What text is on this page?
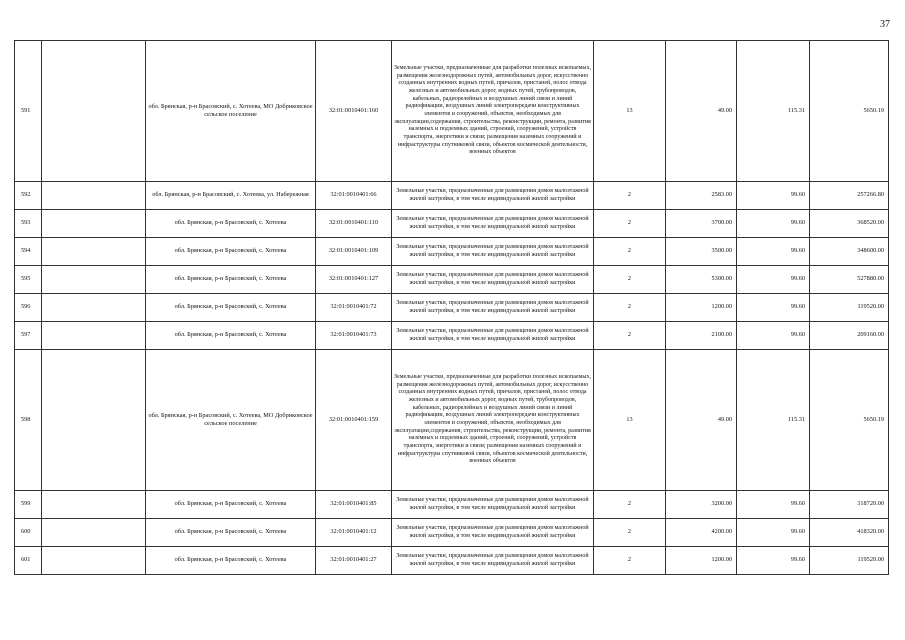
37
591		обл. Брянская, р-н Брасовский, с. Хотеева, МО Добриковское сельское поселение	32:01:0010401:160	Земельные участки, предназначенные для разработки полезных ископаемых, размещения железнодорожных путей, автомобильных дорог, искусственно созданных внутренних водных путей, причалов, пристаней, полос отвода железных и автомобильных дорог, водных путей, трубопроводов, кабельных, радиорелейных и воздушных линий связи и линий радиофикации, воздушных линий электропередачи конструктивных элементов и сооружений, объектов, необходимых для эксплуатации,содержания, строительства, реконструкции, ремонта, развития наземных и подземных зданий, строений, сооружений, устройств транспорта, энергетики и связи; размещения наземных сооружений и инфраструктуры спутниковой связи, объектов космической деятельности, военных объектов	13	49.00	115.31	5650.19
592		обл. Брянская, р-н Брасовский, с. Хотеева, ул. Набережная	32:01:0010401:66	Земельные участки, предназначенные для размещения домов малоэтажной жилой застройки, в том числе индивидуальной жилой застройки	2	2583.00	99.60	257266.80
593		обл. Брянская, р-н Брасовский, с. Хотеева	32:01:0010401:110	Земельные участки, предназначенные для размещения домов малоэтажной жилой застройки, в том числе индивидуальной жилой застройки	2	3700.00	99.60	368520.00
594		обл. Брянская, р-н Брасовский, с. Хотеева	32:01:0010401:109	Земельные участки, предназначенные для размещения домов малоэтажной жилой застройки, в том числе индивидуальной жилой застройки	2	3500.00	99.60	348600.00
595		обл. Брянская, р-н Брасовский, с. Хотеева	32:01:0010401:127	Земельные участки, предназначенные для размещения домов малоэтажной жилой застройки, в том числе индивидуальной жилой застройки	2	5300.00	99.60	527880.00
596		обл. Брянская, р-н Брасовский, с. Хотеева	32:01:0010401:72	Земельные участки, предназначенные для размещения домов малоэтажной жилой застройки, в том числе индивидуальной жилой застройки	2	1200.00	99.60	119520.00
597		обл. Брянская, р-н Брасовский, с. Хотеева	32:01:0010401:73	Земельные участки, предназначенные для размещения домов малоэтажной жилой застройки, в том числе индивидуальной жилой застройки	2	2100.00	99.60	209160.00
598		обл. Брянская, р-н Брасовский, с. Хотеева, МО Добриковское сельское поселение	32:01:0010401:159	Земельные участки, предназначенные для разработки полезных ископаемых, размещения железнодорожных путей, автомобильных дорог, искусственно созданных внутренних водных путей, причалов, пристаней, полос отвода железных и автомобильных дорог, водных путей, трубопроводов, кабельных, радиорелейных и воздушных линий связи и линий радиофикации, воздушных линий электропередачи конструктивных элементов и сооружений, объектов, необходимых для эксплуатации,содержания, строительства, реконструкции, ремонта, развития наземных и подземных зданий, строений, сооружений, устройств транспорта, энергетики и связи; размещения наземных сооружений и инфраструктуры спутниковой связи, объектов космической деятельности, военных объектов	13	49.00	115.31	5650.19
599		обл. Брянская, р-н Брасовский, с. Хотеева	32:01:0010401:85	Земельные участки, предназначенные для размещения домов малоэтажной жилой застройки, в том числе индивидуальной жилой застройки	2	3200.00	99.60	318720.00
600		обл. Брянская, р-н Брасовский, с. Хотеева	32:01:0010401:12	Земельные участки, предназначенные для размещения домов малоэтажной жилой застройки, в том числе индивидуальной жилой застройки	2	4200.00	99.60	418320.00
601		обл. Брянская, р-н Брасовский, с. Хотеева	32:01:0010401:27	Земельные участки, предназначенные для размещения домов малоэтажной жилой застройки, в том числе индивидуальной жилой застройки	2	1200.00	99.60	119520.00
